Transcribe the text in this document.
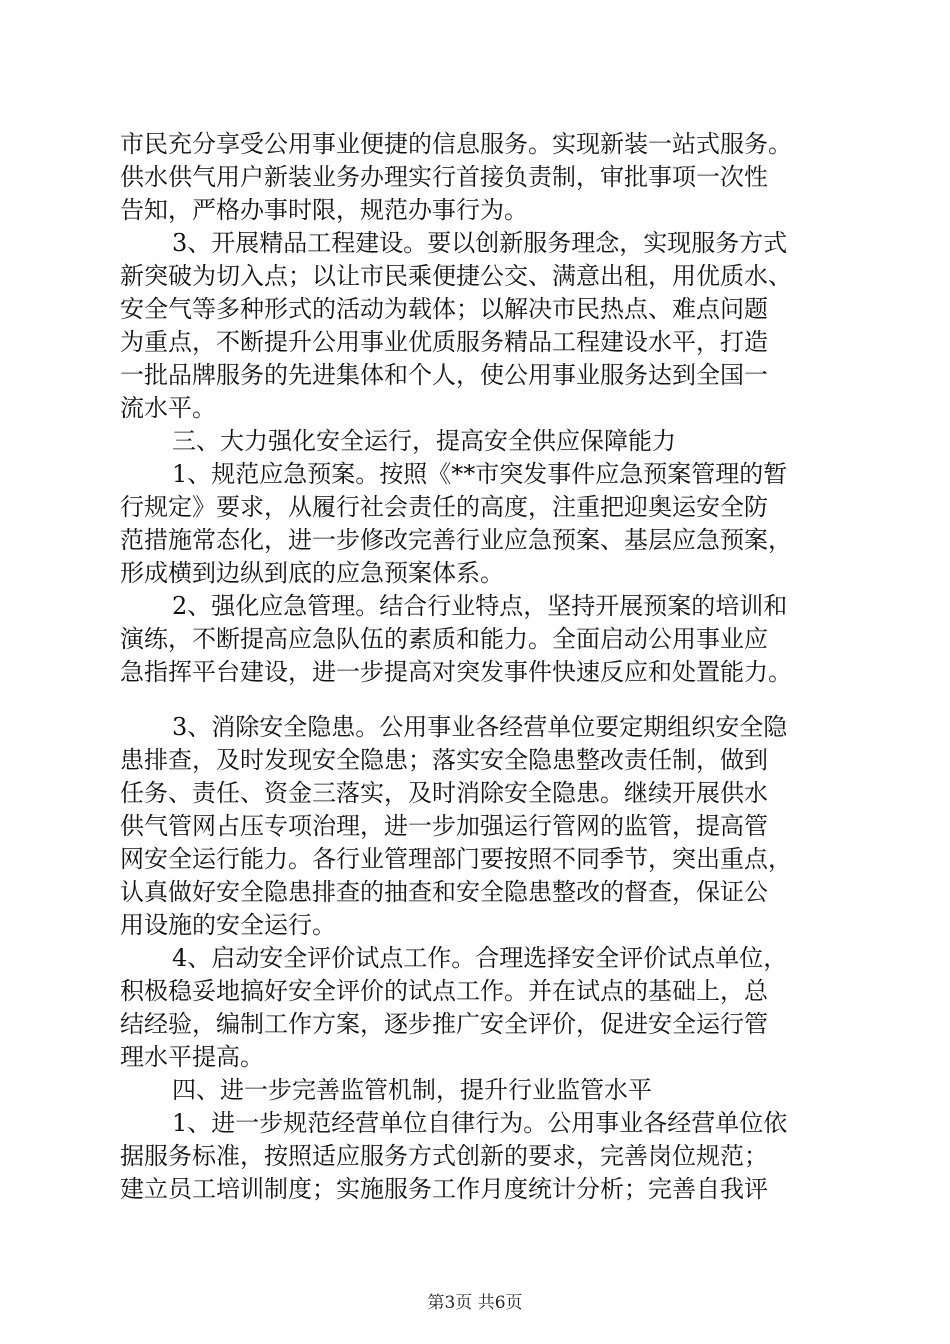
市民充分享受公用事业便捷的信息服务。实现新装一站式服务。
供水供气用户新装业务办理实行首接负责制，审批事项一次性
告知，严格办事时限，规范办事行为。
3、开展精品工程建设。要以创新服务理念，实现服务方式
新突破为切入点；以让市民乘便捷公交、满意出租，用优质水、
安全气等多种形式的活动为载体；以解决市民热点、难点问题
为重点，不断提升公用事业优质服务精品工程建设水平，打造
一批品牌服务的先进集体和个人，使公用事业服务达到全国一
流水平。
三、大力强化安全运行，提高安全供应保障能力
1、规范应急预案。按照《**市突发事件应急预案管理的暂
行规定》要求，从履行社会责任的高度，注重把迎奥运安全防
范措施常态化，进一步修改完善行业应急预案、基层应急预案，
形成横到边纵到底的应急预案体系。
2、强化应急管理。结合行业特点，坚持开展预案的培训和
演练，不断提高应急队伍的素质和能力。全面启动公用事业应
急指挥平台建设，进一步提高对突发事件快速反应和处置能力。
3、消除安全隐患。公用事业各经营单位要定期组织安全隐
患排查，及时发现安全隐患；落实安全隐患整改责任制，做到
任务、责任、资金三落实，及时消除安全隐患。继续开展供水
供气管网占压专项治理，进一步加强运行管网的监管，提高管
网安全运行能力。各行业管理部门要按照不同季节，突出重点，
认真做好安全隐患排查的抽查和安全隐患整改的督查，保证公
用设施的安全运行。
4、启动安全评价试点工作。合理选择安全评价试点单位，
积极稳妥地搞好安全评价的试点工作。并在试点的基础上，总
结经验，编制工作方案，逐步推广安全评价，促进安全运行管
理水平提高。
四、进一步完善监管机制，提升行业监管水平
1、进一步规范经营单位自律行为。公用事业各经营单位依
据服务标准，按照适应服务方式创新的要求，完善岗位规范；
建立员工培训制度；实施服务工作月度统计分析；完善自我评
第3页 共6页
